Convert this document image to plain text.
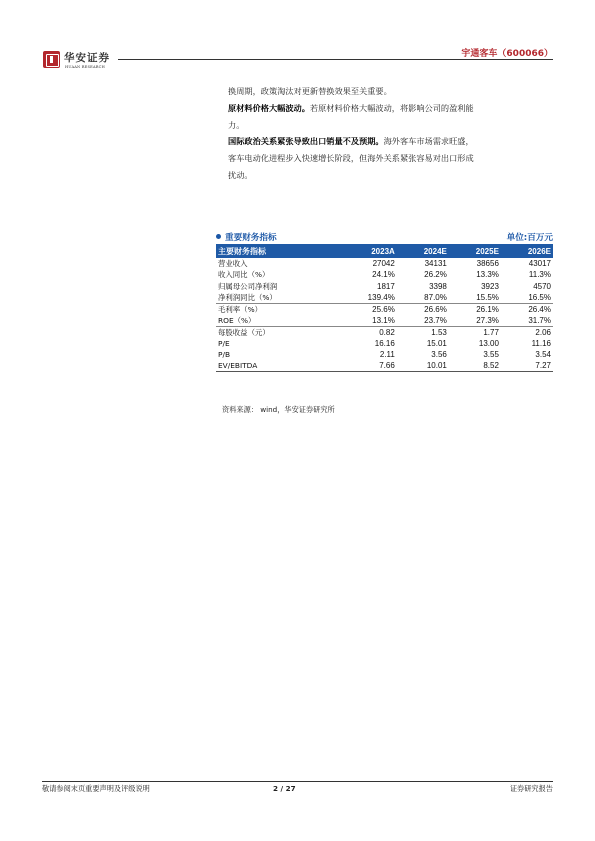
华安证券
HUAAN RESEARCH
宇通客车（600066）
换周期，政策淘汰对更新替换效果至关重要。
原材料价格大幅波动。若原材料价格大幅波动，将影响公司的盈利能
力。
国际政治关系紧张导致出口销量不及预期。海外客车市场需求旺盛，
客车电动化进程步入快速增长阶段，但海外关系紧张容易对出口形成
扰动。
重要财务指标	单位:百万元
主要财务指标	2023A	2024E	2025E	2026E
营业收入	27042	34131	38656	43017
收入同比（%）	24.1%	26.2%	13.3%	11.3%
归属母公司净利润	1817	3398	3923	4570
净利润同比（%）	139.4%	87.0%	15.5%	16.5%
毛利率（%）	25.6%	26.6%	26.1%	26.4%
ROE（%）	13.1%	23.7%	27.3%	31.7%
每股收益（元）	0.82	1.53	1.77	2.06
P/E	16.16	15.01	13.00	11.16
P/B	2.11	3.56	3.55	3.54
EV/EBITDA	7.66	10.01	8.52	7.27
资料来源： wind，华安证券研究所
敬请参阅末页重要声明及评级说明	2 / 27	证券研究报告
